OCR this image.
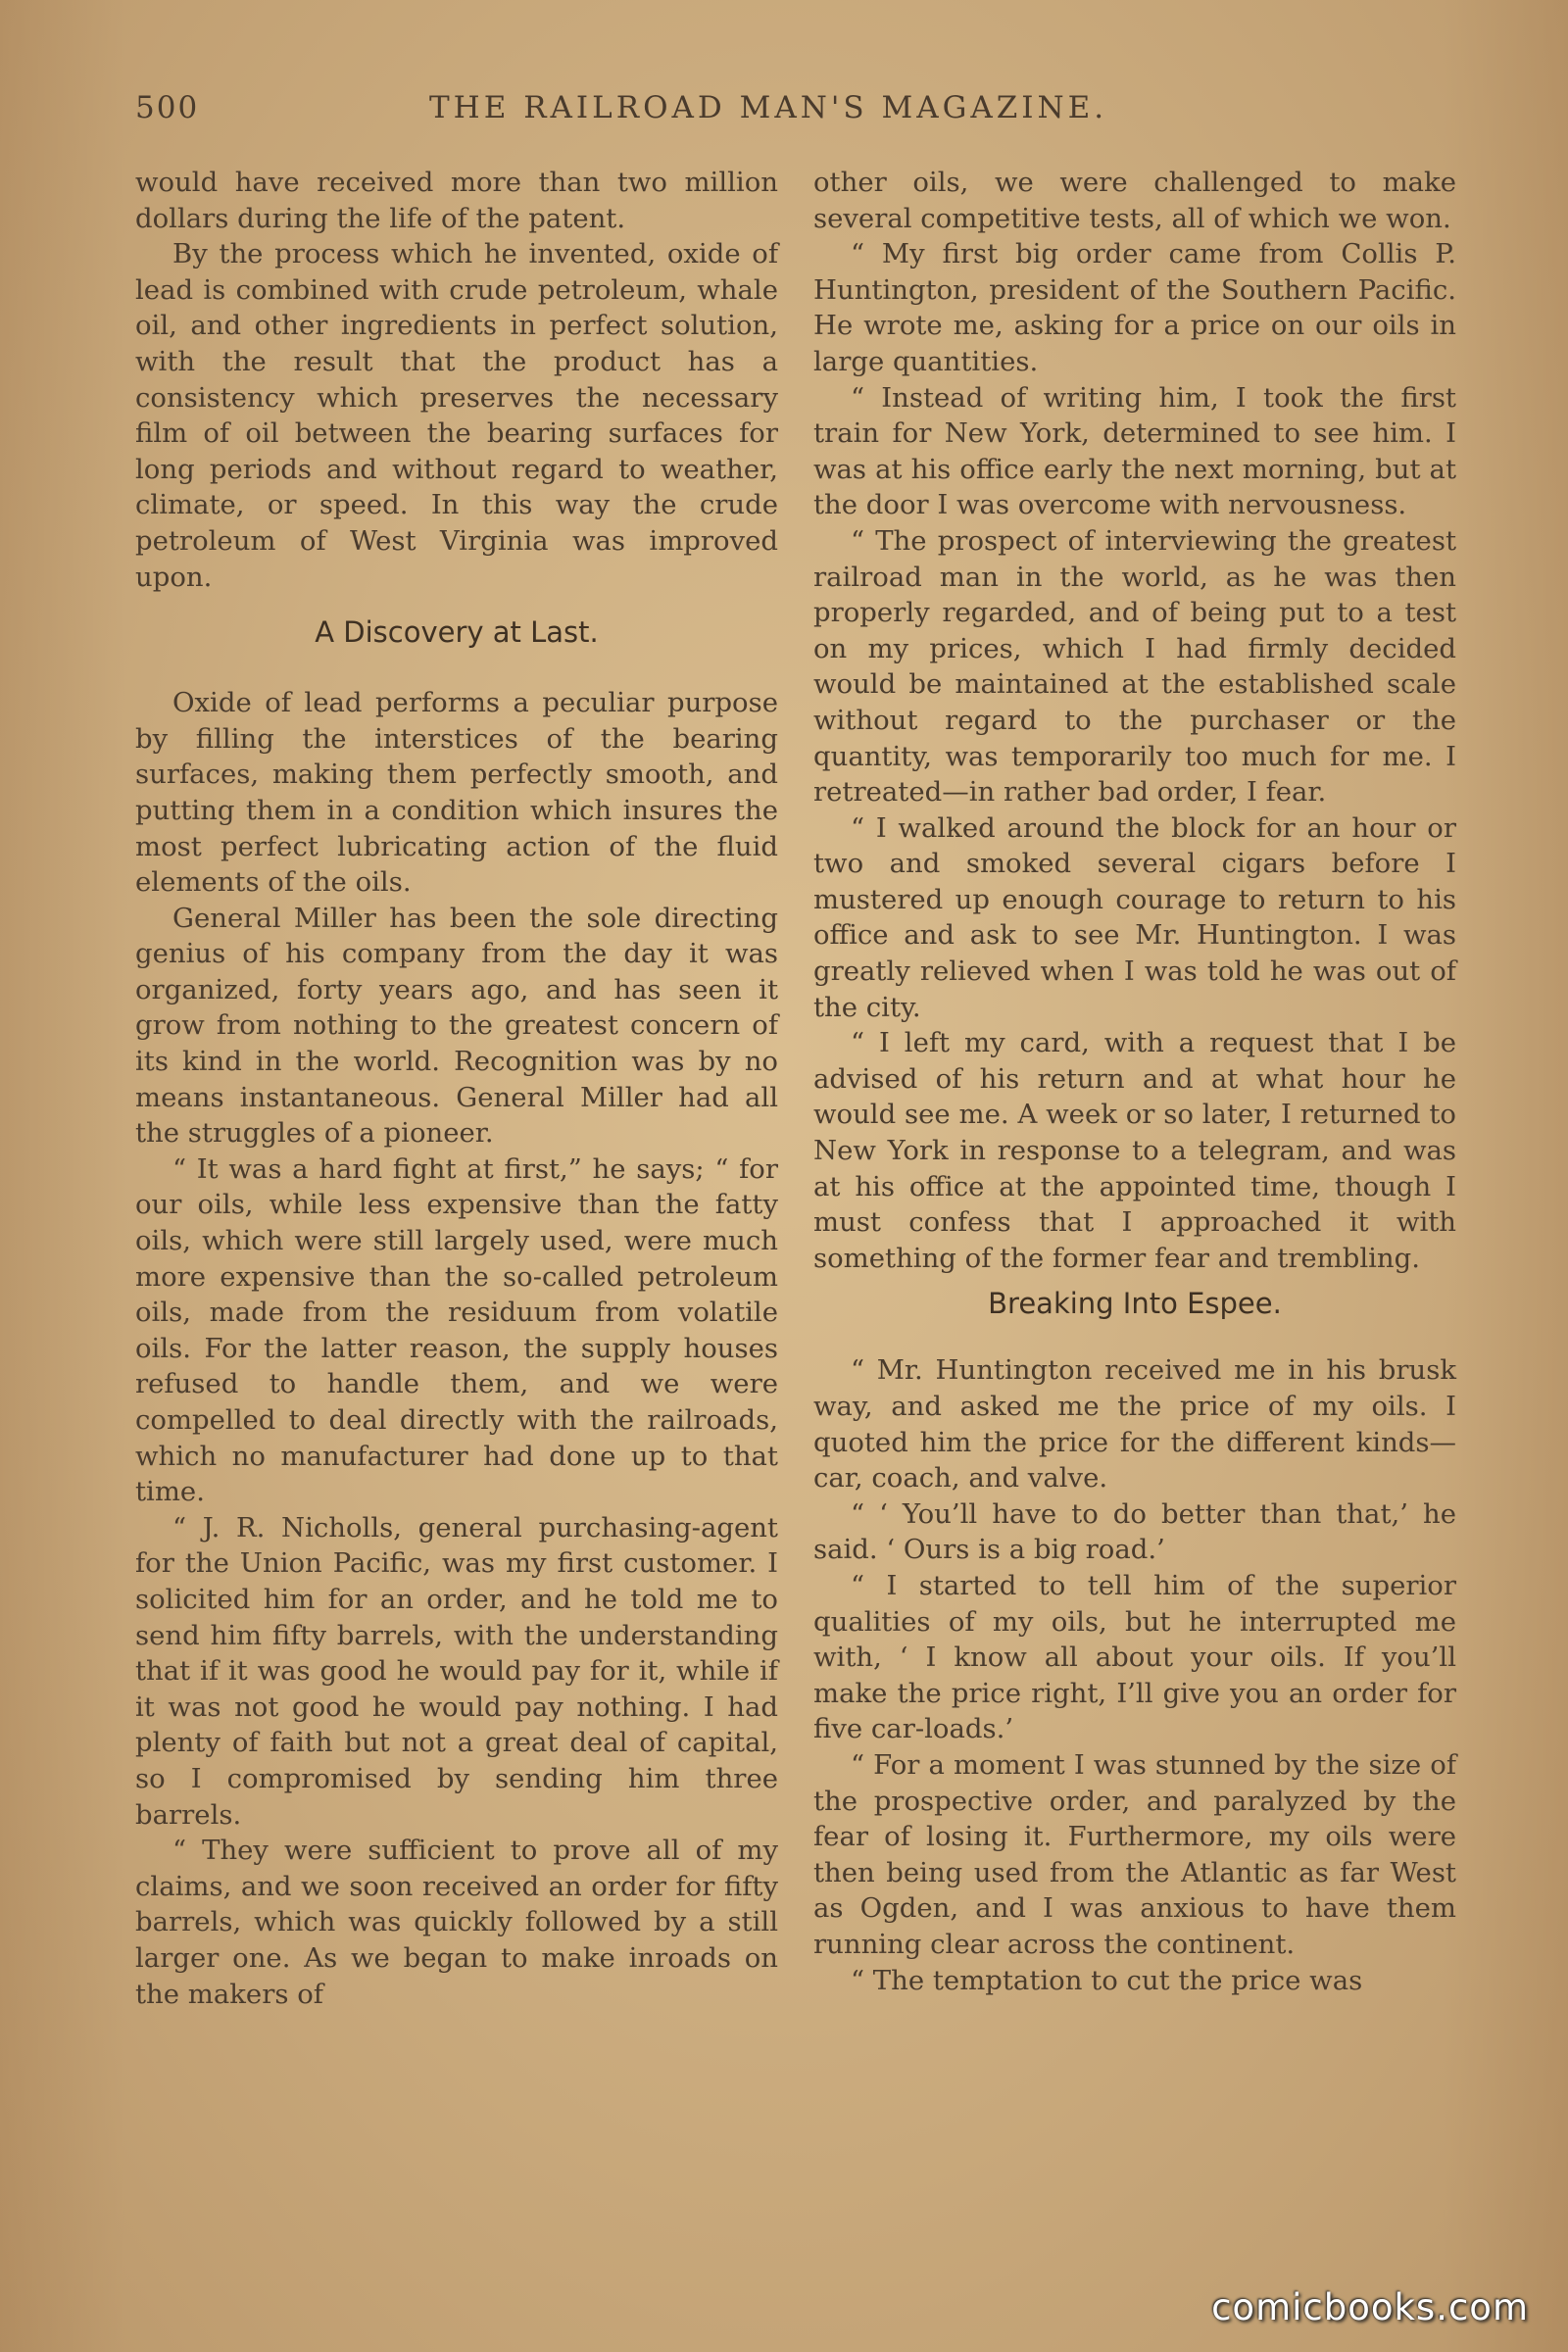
500	THE RAILROAD MAN'S MAGAZINE.

would have received more than two million dollars during the life of the patent.

By the process which he invented, oxide of lead is combined with crude petroleum, whale oil, and other ingredients in perfect solution, with the result that the product has a consistency which preserves the necessary film of oil between the bearing surfaces for long periods and without regard to weather, climate, or speed. In this way the crude petroleum of West Virginia was improved upon.

A Discovery at Last.

Oxide of lead performs a peculiar purpose by filling the interstices of the bearing surfaces, making them perfectly smooth, and putting them in a condition which insures the most perfect lubricating action of the fluid elements of the oils.

General Miller has been the sole directing genius of his company from the day it was organized, forty years ago, and has seen it grow from nothing to the greatest concern of its kind in the world. Recognition was by no means instantaneous. General Miller had all the struggles of a pioneer.

“ It was a hard fight at first,” he says; “ for our oils, while less expensive than the fatty oils, which were still largely used, were much more expensive than the so-called petroleum oils, made from the residuum from volatile oils. For the latter reason, the supply houses refused to handle them, and we were compelled to deal directly with the railroads, which no manufacturer had done up to that time.

“ J. R. Nicholls, general purchasing-agent for the Union Pacific, was my first customer. I solicited him for an order, and he told me to send him fifty barrels, with the understanding that if it was good he would pay for it, while if it was not good he would pay nothing. I had plenty of faith but not a great deal of capital, so I compromised by sending him three barrels.

“ They were sufficient to prove all of my claims, and we soon received an order for fifty barrels, which was quickly followed by a still larger one. As we began to make inroads on the makers of

other oils, we were challenged to make several competitive tests, all of which we won.

“ My first big order came from Collis P. Huntington, president of the Southern Pacific. He wrote me, asking for a price on our oils in large quantities.

“ Instead of writing him, I took the first train for New York, determined to see him. I was at his office early the next morning, but at the door I was overcome with nervousness.

“ The prospect of interviewing the greatest railroad man in the world, as he was then properly regarded, and of being put to a test on my prices, which I had firmly decided would be maintained at the established scale without regard to the purchaser or the quantity, was temporarily too much for me. I retreated—in rather bad order, I fear.

“ I walked around the block for an hour or two and smoked several cigars before I mustered up enough courage to return to his office and ask to see Mr. Huntington. I was greatly relieved when I was told he was out of the city.

“ I left my card, with a request that I be advised of his return and at what hour he would see me. A week or so later, I returned to New York in response to a telegram, and was at his office at the appointed time, though I must confess that I approached it with something of the former fear and trembling.

Breaking Into Espee.

“ Mr. Huntington received me in his brusk way, and asked me the price of my oils. I quoted him the price for the different kinds—car, coach, and valve.

“ ‘ You’ll have to do better than that,’ he said. ‘ Ours is a big road.’

“ I started to tell him of the superior qualities of my oils, but he interrupted me with, ‘ I know all about your oils. If you’ll make the price right, I’ll give you an order for five car-loads.’

“ For a moment I was stunned by the size of the prospective order, and paralyzed by the fear of losing it. Furthermore, my oils were then being used from the Atlantic as far West as Ogden, and I was anxious to have them running clear across the continent.

“ The temptation to cut the price was

comicbooks.com
